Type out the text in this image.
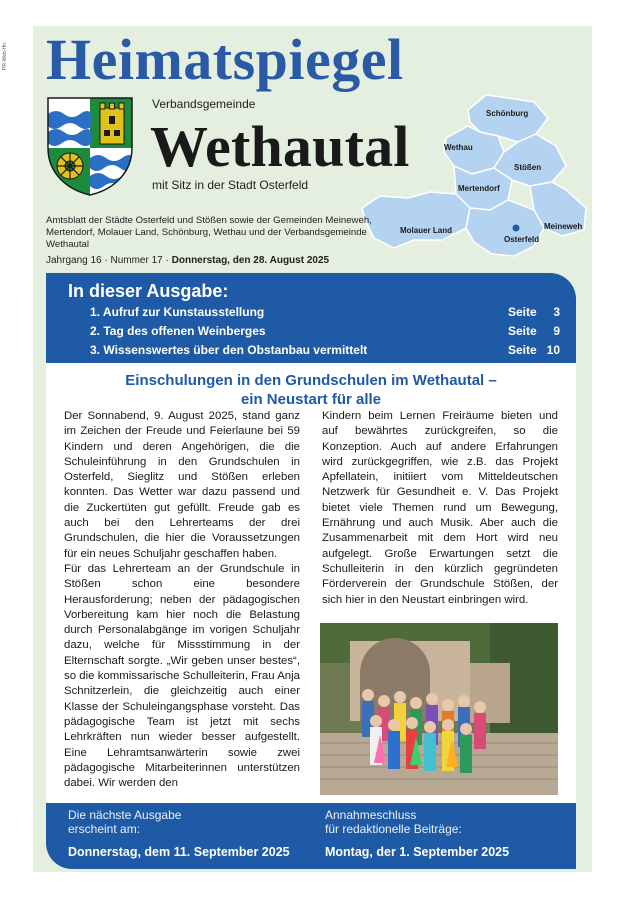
PR-Web-Hh Heimatspiegel
Verbandsgemeinde
Wethautal
mit Sitz in der Stadt Osterfeld
Schönburg
Wethau
Stößen
Mertendorf
Meineweh
Molauer Land
Osterfeld
Amtsblatt der Städte Osterfeld und Stößen sowie der Gemeinden Meineweh, Mertendorf, Molauer Land, Schönburg, Wethau und der Verbandsgemeinde Wethautal
Jahrgang 16 · Nummer 17 · Donnerstag, den 28. August 2025
In dieser Ausgabe:
1. Aufruf zur Kunstausstellung	Seite 3
2. Tag des offenen Weinberges	Seite 9
3. Wissenswertes über den Obstanbau vermittelt	Seite 10
Einschulungen in den Grundschulen im Wethautal –
ein Neustart für alle

Der Sonnabend, 9. August 2025, stand ganz im Zeichen der Freude und Feierlaune bei 59 Kindern und deren Angehörigen, die die Schuleinführung in den Grundschulen in Osterfeld, Sieglitz und Stößen erleben konnten. Das Wetter war dazu passend und die Zuckertüten gut gefüllt. Freude gab es auch bei den Lehrerteams der drei Grundschulen, die hier die Voraussetzungen für ein neues Schuljahr geschaffen haben.

Für das Lehrerteam an der Grundschule in Stößen schon eine besondere Herausforderung; neben der pädagogischen Vorbereitung kam hier noch die Belastung durch Personalabgänge im vorigen Schuljahr dazu, welche für Missstimmung in der Elternschaft sorgte. „Wir geben unser bestes“, so die kommissarische Schulleiterin, Frau Anja Schnitzerlein, die gleichzeitig auch einer Klasse der Schuleingangsphase vorsteht. Das pädagogische Team ist jetzt mit sechs Lehrkräften nun wieder besser aufgestellt. Eine Lehramtsanwärterin sowie zwei pädagogische Mitarbeiterinnen unterstützen dabei. Wir werden den

Kindern beim Lernen Freiräume bieten und auf bewährtes zurückgreifen, so die Konzeption. Auch auf andere Erfahrungen wird zurückgegriffen, wie z.B. das Projekt Apfellatein, initiiert vom Mitteldeutschen Netzwerk für Gesundheit e. V. Das Projekt bietet viele Themen rund um Bewegung, Ernährung und auch Musik. Aber auch die Zusammenarbeit mit dem Hort wird neu aufgelegt. Große Erwartungen setzt die Schulleiterin in den kürzlich gegründeten Förderverein der Grundschule Stößen, der sich hier in den Neustart einbringen wird.

Die nächste Ausgabe
erscheint am:
Donnerstag, dem 11. September 2025
Annahmeschluss
für redaktionelle Beiträge:
Montag, der 1. September 2025
